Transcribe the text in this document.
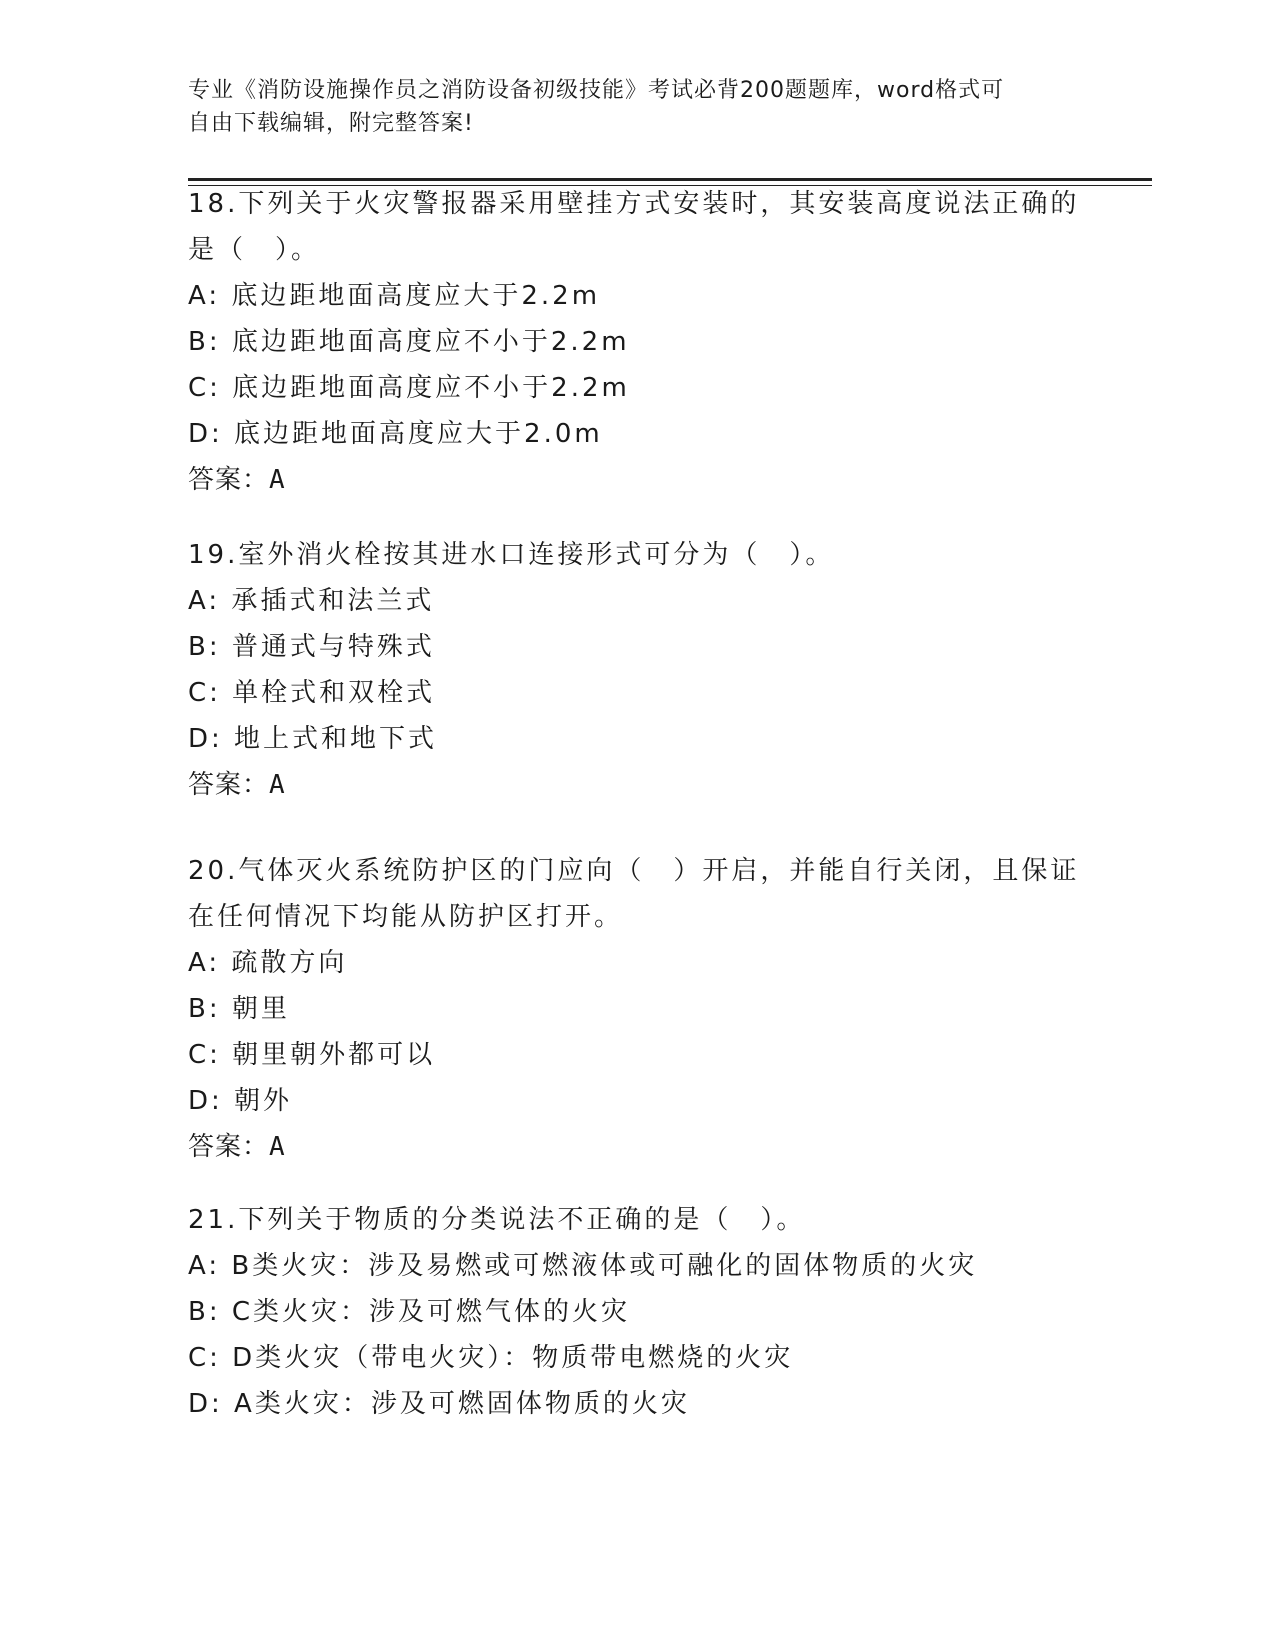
专业《消防设施操作员之消防设备初级技能》考试必背200题题库，word格式可
自由下载编辑，附完整答案!
18.下列关于火灾警报器采用壁挂方式安装时，其安装高度说法正确的
是（　）。
A: 底边距地面高度应大于2.2m
B: 底边距地面高度应不小于2.2m
C: 底边距地面高度应不小于2.2m
D: 底边距地面高度应大于2.0m
答案：A
19.室外消火栓按其进水口连接形式可分为（　）。
A: 承插式和法兰式
B: 普通式与特殊式
C: 单栓式和双栓式
D: 地上式和地下式
答案：A
20.气体灭火系统防护区的门应向（　）开启，并能自行关闭，且保证
在任何情况下均能从防护区打开。
A: 疏散方向
B: 朝里
C: 朝里朝外都可以
D: 朝外
答案：A
21.下列关于物质的分类说法不正确的是（　）。
A: B类火灾：涉及易燃或可燃液体或可融化的固体物质的火灾
B: C类火灾：涉及可燃气体的火灾
C: D类火灾（带电火灾）：物质带电燃烧的火灾
D: A类火灾：涉及可燃固体物质的火灾
